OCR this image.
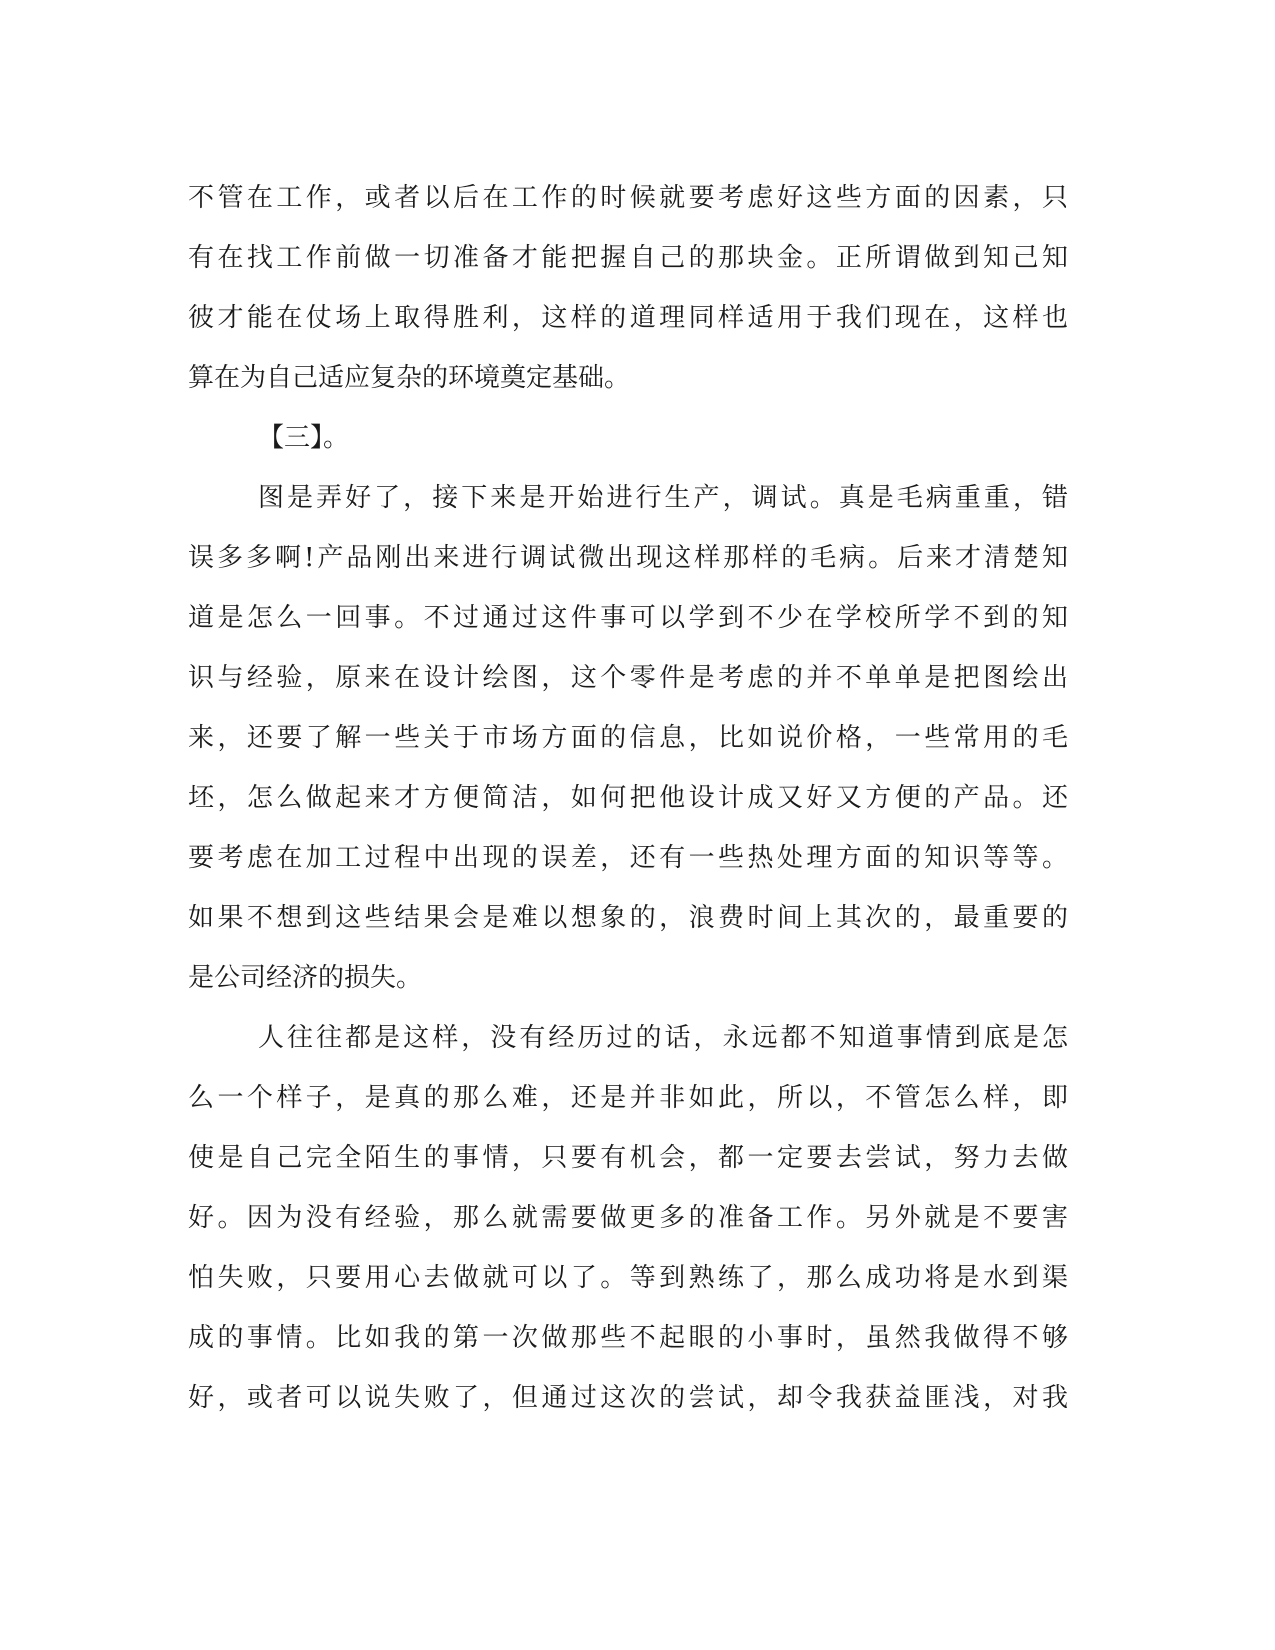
不管在工作，或者以后在工作的时候就要考虑好这些方面的因素，只
有在找工作前做一切准备才能把握自己的那块金。正所谓做到知己知
彼才能在仗场上取得胜利，这样的道理同样适用于我们现在，这样也
算在为自己适应复杂的环境奠定基础。
【三】。
图是弄好了，接下来是开始进行生产，调试。真是毛病重重，错
误多多啊!产品刚出来进行调试微出现这样那样的毛病。后来才清楚知
道是怎么一回事。不过通过这件事可以学到不少在学校所学不到的知
识与经验，原来在设计绘图，这个零件是考虑的并不单单是把图绘出
来，还要了解一些关于市场方面的信息，比如说价格，一些常用的毛
坯，怎么做起来才方便简洁，如何把他设计成又好又方便的产品。还
要考虑在加工过程中出现的误差，还有一些热处理方面的知识等等。
如果不想到这些结果会是难以想象的，浪费时间上其次的，最重要的
是公司经济的损失。
人往往都是这样，没有经历过的话，永远都不知道事情到底是怎
么一个样子，是真的那么难，还是并非如此，所以，不管怎么样，即
使是自己完全陌生的事情，只要有机会，都一定要去尝试，努力去做
好。因为没有经验，那么就需要做更多的准备工作。另外就是不要害
怕失败，只要用心去做就可以了。等到熟练了，那么成功将是水到渠
成的事情。比如我的第一次做那些不起眼的小事时，虽然我做得不够
好，或者可以说失败了，但通过这次的尝试，却令我获益匪浅，对我
